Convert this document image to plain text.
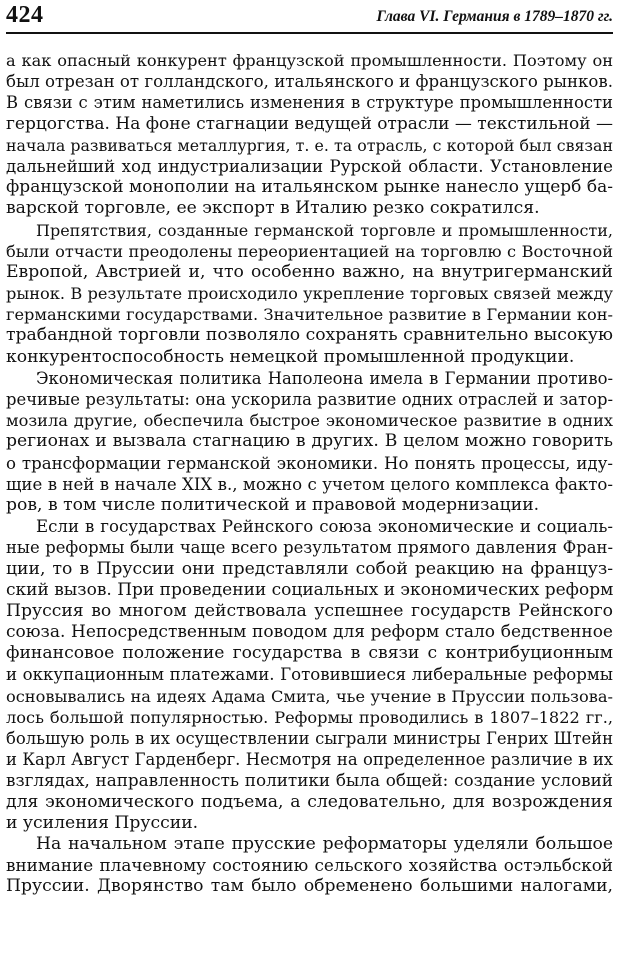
424	Глава VI. Германия в 1789–1870 гг.
а как опасный конкурент французской промышленности. Поэтому он
был отрезан от голландского, итальянского и французского рынков.
В связи с этим наметились изменения в структуре промышленности
герцогства. На фоне стагнации ведущей отрасли — текстильной —
начала развиваться металлургия, т. е. та отрасль, с которой был связан
дальнейший ход индустриализации Рурской области. Установление
французской монополии на итальянском рынке нанесло ущерб ба-
варской торговле, ее экспорт в Италию резко сократился.
Препятствия, созданные германской торговле и промышленности,
были отчасти преодолены переориентацией на торговлю с Восточной
Европой, Австрией и, что особенно важно, на внутригерманский
рынок. В результате происходило укрепление торговых связей между
германскими государствами. Значительное развитие в Германии кон-
трабандной торговли позволяло сохранять сравнительно высокую
конкурентоспособность немецкой промышленной продукции.
Экономическая политика Наполеона имела в Германии противо-
речивые результаты: она ускорила развитие одних отраслей и затор-
мозила другие, обеспечила быстрое экономическое развитие в одних
регионах и вызвала стагнацию в других. В целом можно говорить
о трансформации германской экономики. Но понять процессы, иду-
щие в ней в начале XIX в., можно с учетом целого комплекса факто-
ров, в том числе политической и правовой модернизации.
Если в государствах Рейнского союза экономические и социаль-
ные реформы были чаще всего результатом прямого давления Фран-
ции, то в Пруссии они представляли собой реакцию на француз-
ский вызов. При проведении социальных и экономических реформ
Пруссия во многом действовала успешнее государств Рейнского
союза. Непосредственным поводом для реформ стало бедственное
финансовое положение государства в связи с контрибуционным
и оккупационным платежами. Готовившиеся либеральные реформы
основывались на идеях Адама Смита, чье учение в Пруссии пользова-
лось большой популярностью. Реформы проводились в 1807–1822 гг.,
большую роль в их осуществлении сыграли министры Генрих Штейн
и Карл Август Гарденберг. Несмотря на определенное различие в их
взглядах, направленность политики была общей: создание условий
для экономического подъема, а следовательно, для возрождения
и усиления Пруссии.
На начальном этапе прусские реформаторы уделяли большое
внимание плачевному состоянию сельского хозяйства остэльбской
Пруссии. Дворянство там было обременено большими налогами,
